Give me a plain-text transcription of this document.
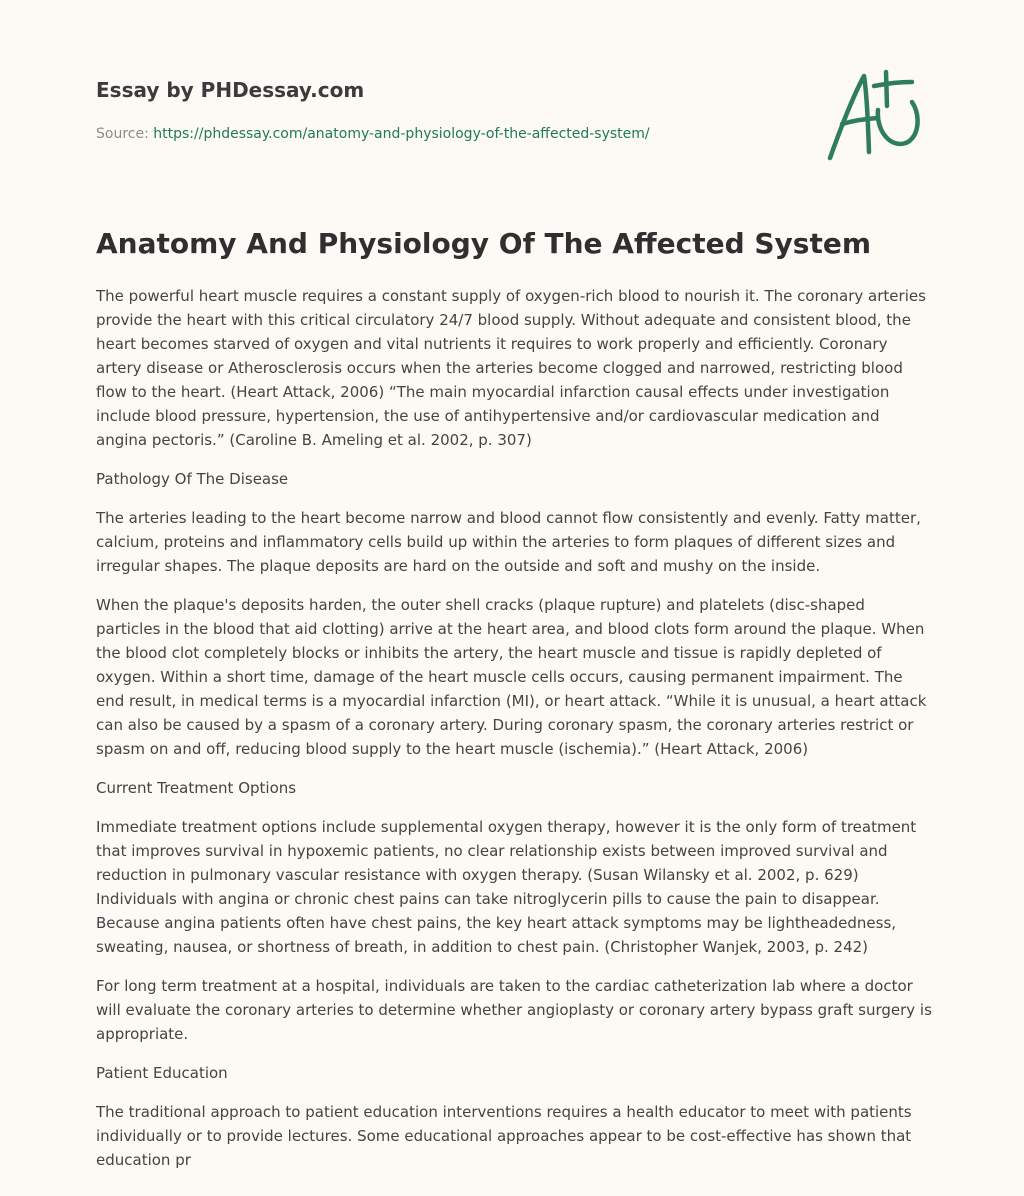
Essay by PHDessay.com

Source: https://phdessay.com/anatomy-and-physiology-of-the-affected-system/
Anatomy And Physiology Of The Affected System

The powerful heart muscle requires a constant supply of oxygen-rich blood to nourish it. The coronary arteries provide the heart with this critical circulatory 24/7 blood supply. Without adequate and consistent blood, the heart becomes starved of oxygen and vital nutrients it requires to work properly and efficiently. Coronary artery disease or Atherosclerosis occurs when the arteries become clogged and narrowed, restricting blood flow to the heart. (Heart Attack, 2006) “The main myocardial infarction causal effects under investigation include blood pressure, hypertension, the use of antihypertensive and/or cardiovascular medication and angina pectoris.” (Caroline B. Ameling et al. 2002, p. 307)

Pathology Of The Disease

The arteries leading to the heart become narrow and blood cannot flow consistently and evenly. Fatty matter, calcium, proteins and inflammatory cells build up within the arteries to form plaques of different sizes and irregular shapes. The plaque deposits are hard on the outside and soft and mushy on the inside.

When the plaque's deposits harden, the outer shell cracks (plaque rupture) and platelets (disc-shaped particles in the blood that aid clotting) arrive at the heart area, and blood clots form around the plaque. When the blood clot completely blocks or inhibits the artery, the heart muscle and tissue is rapidly depleted of oxygen. Within a short time, damage of the heart muscle cells occurs, causing permanent impairment. The end result, in medical terms is a myocardial infarction (MI), or heart attack. “While it is unusual, a heart attack can also be caused by a spasm of a coronary artery. During coronary spasm, the coronary arteries restrict or spasm on and off, reducing blood supply to the heart muscle (ischemia).” (Heart Attack, 2006)

Current Treatment Options

Immediate treatment options include supplemental oxygen therapy, however it is the only form of treatment that improves survival in hypoxemic patients, no clear relationship exists between improved survival and reduction in pulmonary vascular resistance with oxygen therapy. (Susan Wilansky et al. 2002, p. 629) Individuals with angina or chronic chest pains can take nitroglycerin pills to cause the pain to disappear. Because angina patients often have chest pains, the key heart attack symptoms may be lightheadedness, sweating, nausea, or shortness of breath, in addition to chest pain. (Christopher Wanjek, 2003, p. 242)

For long term treatment at a hospital, individuals are taken to the cardiac catheterization lab where a doctor will evaluate the coronary arteries to determine whether angioplasty or coronary artery bypass graft surgery is appropriate.

Patient Education

The traditional approach to patient education interventions requires a health educator to meet with patients individually or to provide lectures. Some educational approaches appear to be cost-effective has shown that education pr
